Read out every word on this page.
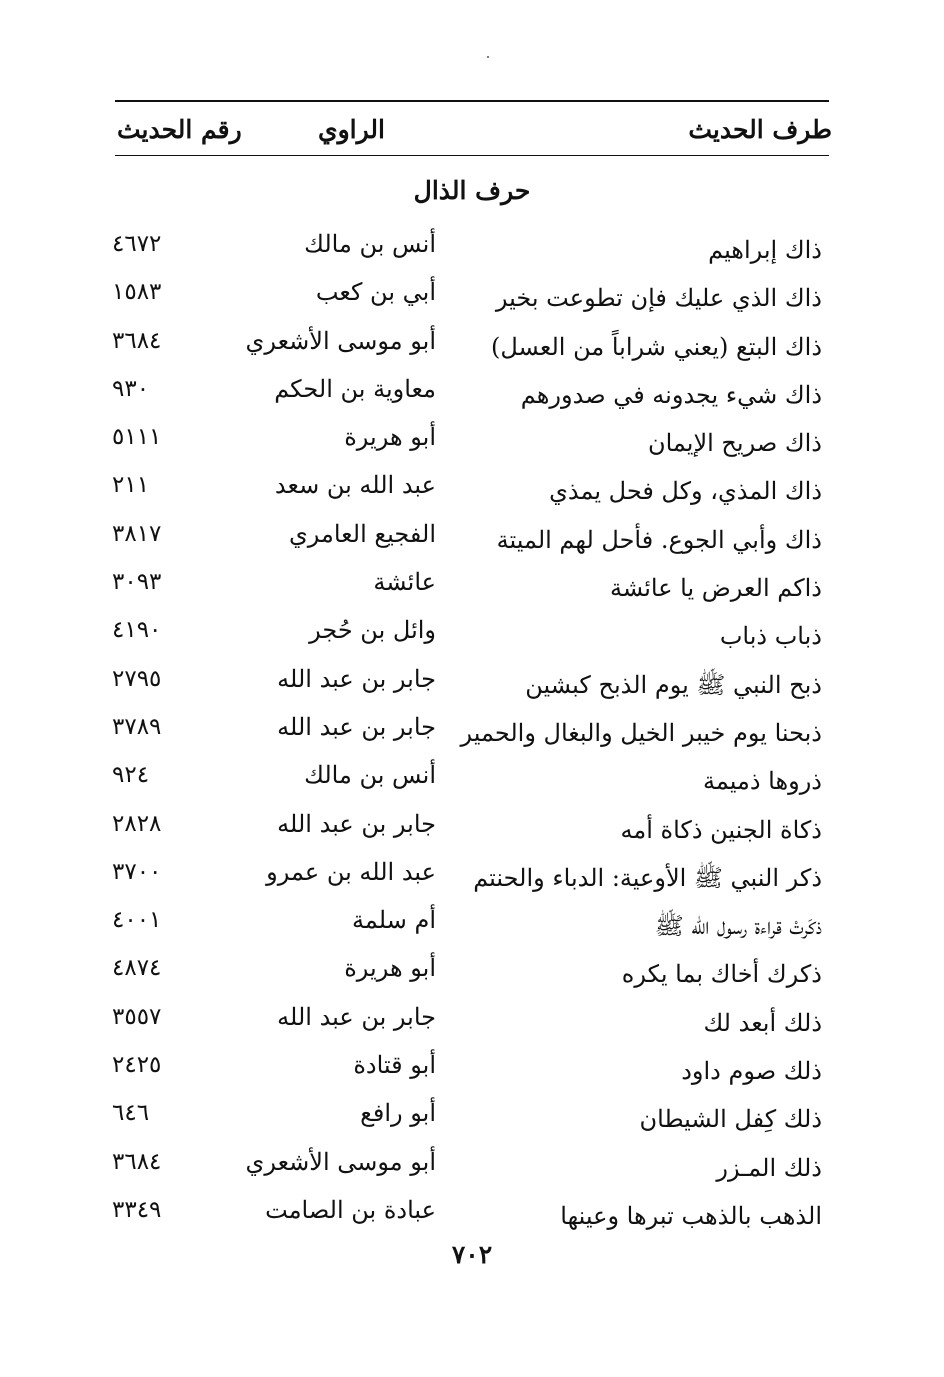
طرف الحديث
الراوي
رقم الحديث
حرف الذال
ذاك إبراهيم
أنس بن مالك
٤٦٧٢
ذاك الذي عليك فإن تطوعت بخير
أبي بن كعب
١٥٨٣
ذاك البتع (يعني شراباً من العسل)
أبو موسى الأشعري
٣٦٨٤
ذاك شيء يجدونه في صدورهم
معاوية بن الحكم
٩٣٠
ذاك صريح الإيمان
أبو هريرة
٥١١١
ذاك المذي، وكل فحل يمذي
عبد الله بن سعد
٢١١
ذاك وأبي الجوع. فأحل لهم الميتة
الفجيع العامري
٣٨١٧
ذاكم العرض يا عائشة
عائشة
٣٠٩٣
ذباب ذباب
وائل بن حُجر
٤١٩٠
ذبح النبي ﷺ يوم الذبح كبشين
جابر بن عبد الله
٢٧٩٥
ذبحنا يوم خيبر الخيل والبغال والحمير
جابر بن عبد الله
٣٧٨٩
ذروها ذميمة
أنس بن مالك
٩٢٤
ذكاة الجنين ذكاة أمه
جابر بن عبد الله
٢٨٢٨
ذكر النبي ﷺ الأوعية: الدباء والحنتم
عبد الله بن عمرو
٣٧٠٠
ذكَرتْ قراءة رسول الله ﷺ
أم سلمة
٤٠٠١
ذكرك أخاك بما يكره
أبو هريرة
٤٨٧٤
ذلك أبعد لك
جابر بن عبد الله
٣٥٥٧
ذلك صوم داود
أبو قتادة
٢٤٢٥
ذلك كِفل الشيطان
أبو رافع
٦٤٦
ذلك المـزر
أبو موسى الأشعري
٣٦٨٤
الذهب بالذهب تبرها وعينها
عبادة بن الصامت
٣٣٤٩
٧٠٢
